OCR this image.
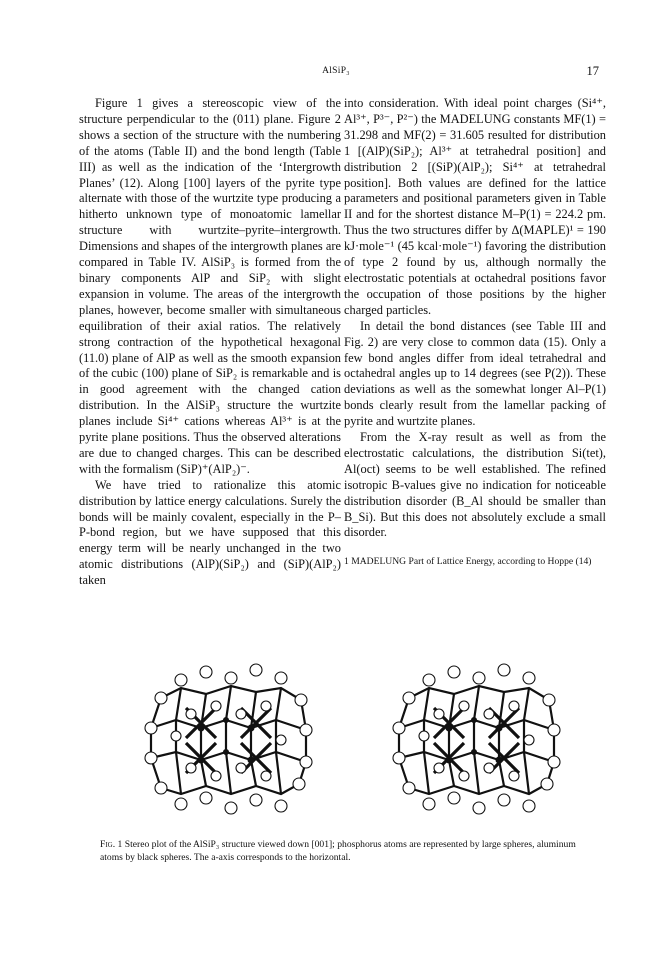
AlSiP₃	17

Figure 1 gives a stereoscopic view of the structure perpendicular to the (011) plane. Figure 2 shows a section of the structure with the numbering of the atoms (Table II) and the bond length (Table III) as well as the indication of the ‘Intergrowth Planes’ (12). Along [100] layers of the pyrite type alternate with those of the wurtzite type producing a hitherto unknown type of monoatomic lamellar structure with wurtzite–pyrite–intergrowth. Dimensions and shapes of the intergrowth planes are compared in Table IV. AlSiP₃ is formed from the binary components AlP and SiP₂ with slight expansion in volume. The areas of the intergrowth planes, however, become smaller with simultaneous equilibration of their axial ratios. The relatively strong contraction of the hypothetical hexagonal (11.0) plane of AlP as well as the smooth expansion of the cubic (100) plane of SiP₂ is remarkable and is in good agreement with the changed cation distribution. In the AlSiP₃ structure the wurtzite planes include Si⁴⁺ cations whereas Al³⁺ is at the pyrite plane positions. Thus the observed alterations are due to changed charges. This can be described with the formalism (SiP)⁺(AlP₂)⁻.

We have tried to rationalize this atomic distribution by lattice energy calculations. Surely the bonds will be mainly covalent, especially in the P–P-bond region, but we have supposed that this energy term will be nearly unchanged in the two atomic distributions (AlP)(SiP₂) and (SiP)(AlP₂) taken

into consideration. With ideal point charges (Si⁴⁺, Al³⁺, P³⁻, P²⁻) the MADELUNG constants MF(1) = 31.298 and MF(2) = 31.605 resulted for distribution 1 [(AlP)(SiP₂); Al³⁺ at tetrahedral position] and distribution 2 [(SiP)(AlP₂); Si⁴⁺ at tetrahedral position]. Both values are defined for the lattice parameters and positional parameters given in Table II and for the shortest distance M–P(1) = 224.2 pm. Thus the two structures differ by Δ(MAPLE)¹ = 190 kJ·mole⁻¹ (45 kcal·mole⁻¹) favoring the distribution of type 2 found by us, although normally the electrostatic potentials at octahedral positions favor the occupation of those positions by the higher charged particles.

In detail the bond distances (see Table III and Fig. 2) are very close to common data (15). Only a few bond angles differ from ideal tetrahedral and octahedral angles up to 14 degrees (see P(2)). These deviations as well as the somewhat longer Al–P(1) bonds clearly result from the lamellar packing of pyrite and wurtzite planes.

From the X-ray result as well as from the electrostatic calculations, the distribution Si(tet), Al(oct) seems to be well established. The refined isotropic B-values give no indication for noticeable distribution disorder (B_Al should be smaller than B_Si). But this does not absolutely exclude a small disorder.

1 MADELUNG Part of Lattice Energy, according to Hoppe (14)

Fig. 1 Stereo plot of the AlSiP₃ structure viewed down [001]; phosphorus atoms are represented by large spheres, aluminum atoms by black spheres. The a-axis corresponds to the horizontal.
